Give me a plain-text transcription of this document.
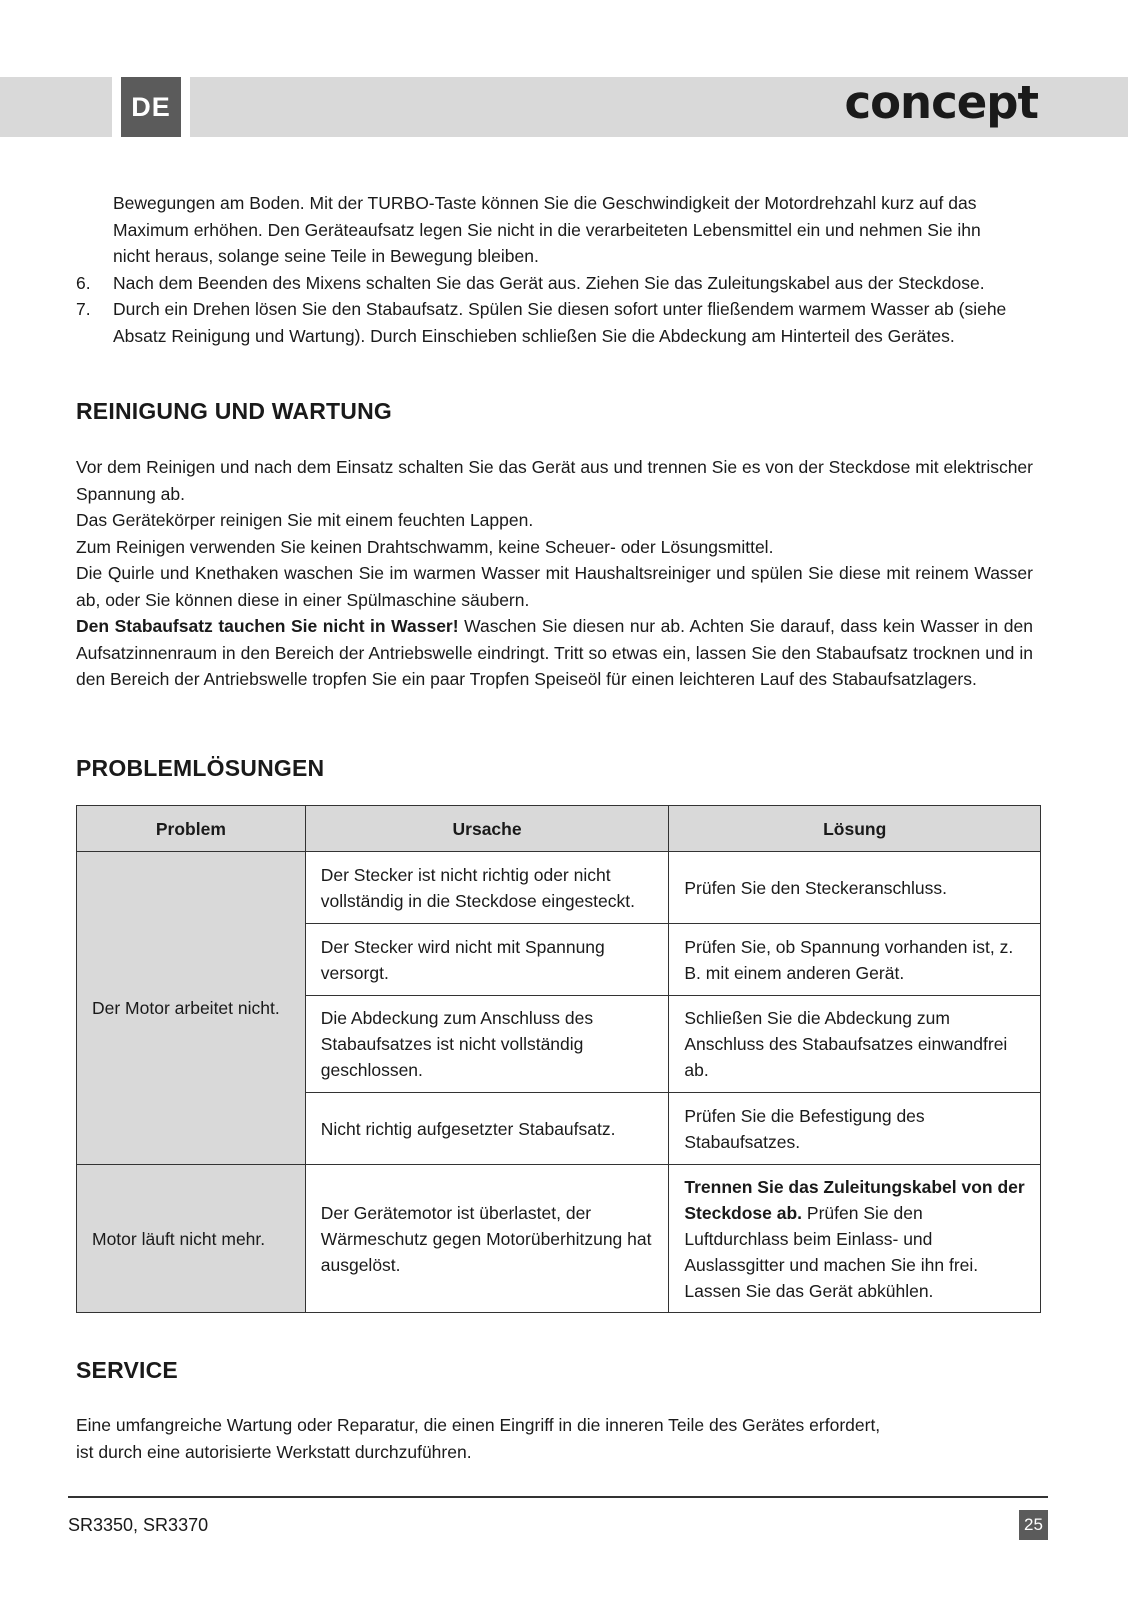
DE	concept
Bewegungen am Boden. Mit der TURBO-Taste können Sie die Geschwindigkeit der Motordrehzahl kurz auf das
Maximum erhöhen. Den Geräteaufsatz legen Sie nicht in die verarbeiteten Lebensmittel ein und nehmen Sie ihn
nicht heraus, solange seine Teile in Bewegung bleiben.
6. Nach dem Beenden des Mixens schalten Sie das Gerät aus. Ziehen Sie das Zuleitungskabel aus der Steckdose.
7. Durch ein Drehen lösen Sie den Stabaufsatz. Spülen Sie diesen sofort unter fließendem warmem Wasser ab (siehe
Absatz Reinigung und Wartung). Durch Einschieben schließen Sie die Abdeckung am Hinterteil des Gerätes.
REINIGUNG UND WARTUNG
Vor dem Reinigen und nach dem Einsatz schalten Sie das Gerät aus und trennen Sie es von der Steckdose mit elektrischer Spannung ab.
Das Gerätekörper reinigen Sie mit einem feuchten Lappen.
Zum Reinigen verwenden Sie keinen Drahtschwamm, keine Scheuer- oder Lösungsmittel.
Die Quirle und Knethaken waschen Sie im warmen Wasser mit Haushaltsreiniger und spülen Sie diese mit reinem Wasser ab, oder Sie können diese in einer Spülmaschine säubern.
Den Stabaufsatz tauchen Sie nicht in Wasser! Waschen Sie diesen nur ab. Achten Sie darauf, dass kein Wasser in den Aufsatzinnenraum in den Bereich der Antriebswelle eindringt. Tritt so etwas ein, lassen Sie den Stabaufsatz trocknen und in den Bereich der Antriebswelle tropfen Sie ein paar Tropfen Speiseöl für einen leichteren Lauf des Stabaufsatzlagers.
PROBLEMLÖSUNGEN
Problem	Ursache	Lösung
Der Motor arbeitet nicht.	Der Stecker ist nicht richtig oder nicht vollständig in die Steckdose eingesteckt.	Prüfen Sie den Steckeranschluss.
	Der Stecker wird nicht mit Spannung versorgt.	Prüfen Sie, ob Spannung vorhanden ist, z. B. mit einem anderen Gerät.
	Die Abdeckung zum Anschluss des Stabaufsatzes ist nicht vollständig geschlossen.	Schließen Sie die Abdeckung zum Anschluss des Stabaufsatzes einwandfrei ab.
	Nicht richtig aufgesetzter Stabaufsatz.	Prüfen Sie die Befestigung des Stabaufsatzes.
Motor läuft nicht mehr.	Der Gerätemotor ist überlastet, der Wärmeschutz gegen Motorüberhitzung hat ausgelöst.	Trennen Sie das Zuleitungskabel von der Steckdose ab. Prüfen Sie den Luftdurchlass beim Einlass- und Auslassgitter und machen Sie ihn frei. Lassen Sie das Gerät abkühlen.
SERVICE
Eine umfangreiche Wartung oder Reparatur, die einen Eingriff in die inneren Teile des Gerätes erfordert,
ist durch eine autorisierte Werkstatt durchzuführen.
SR3350, SR3370	25
